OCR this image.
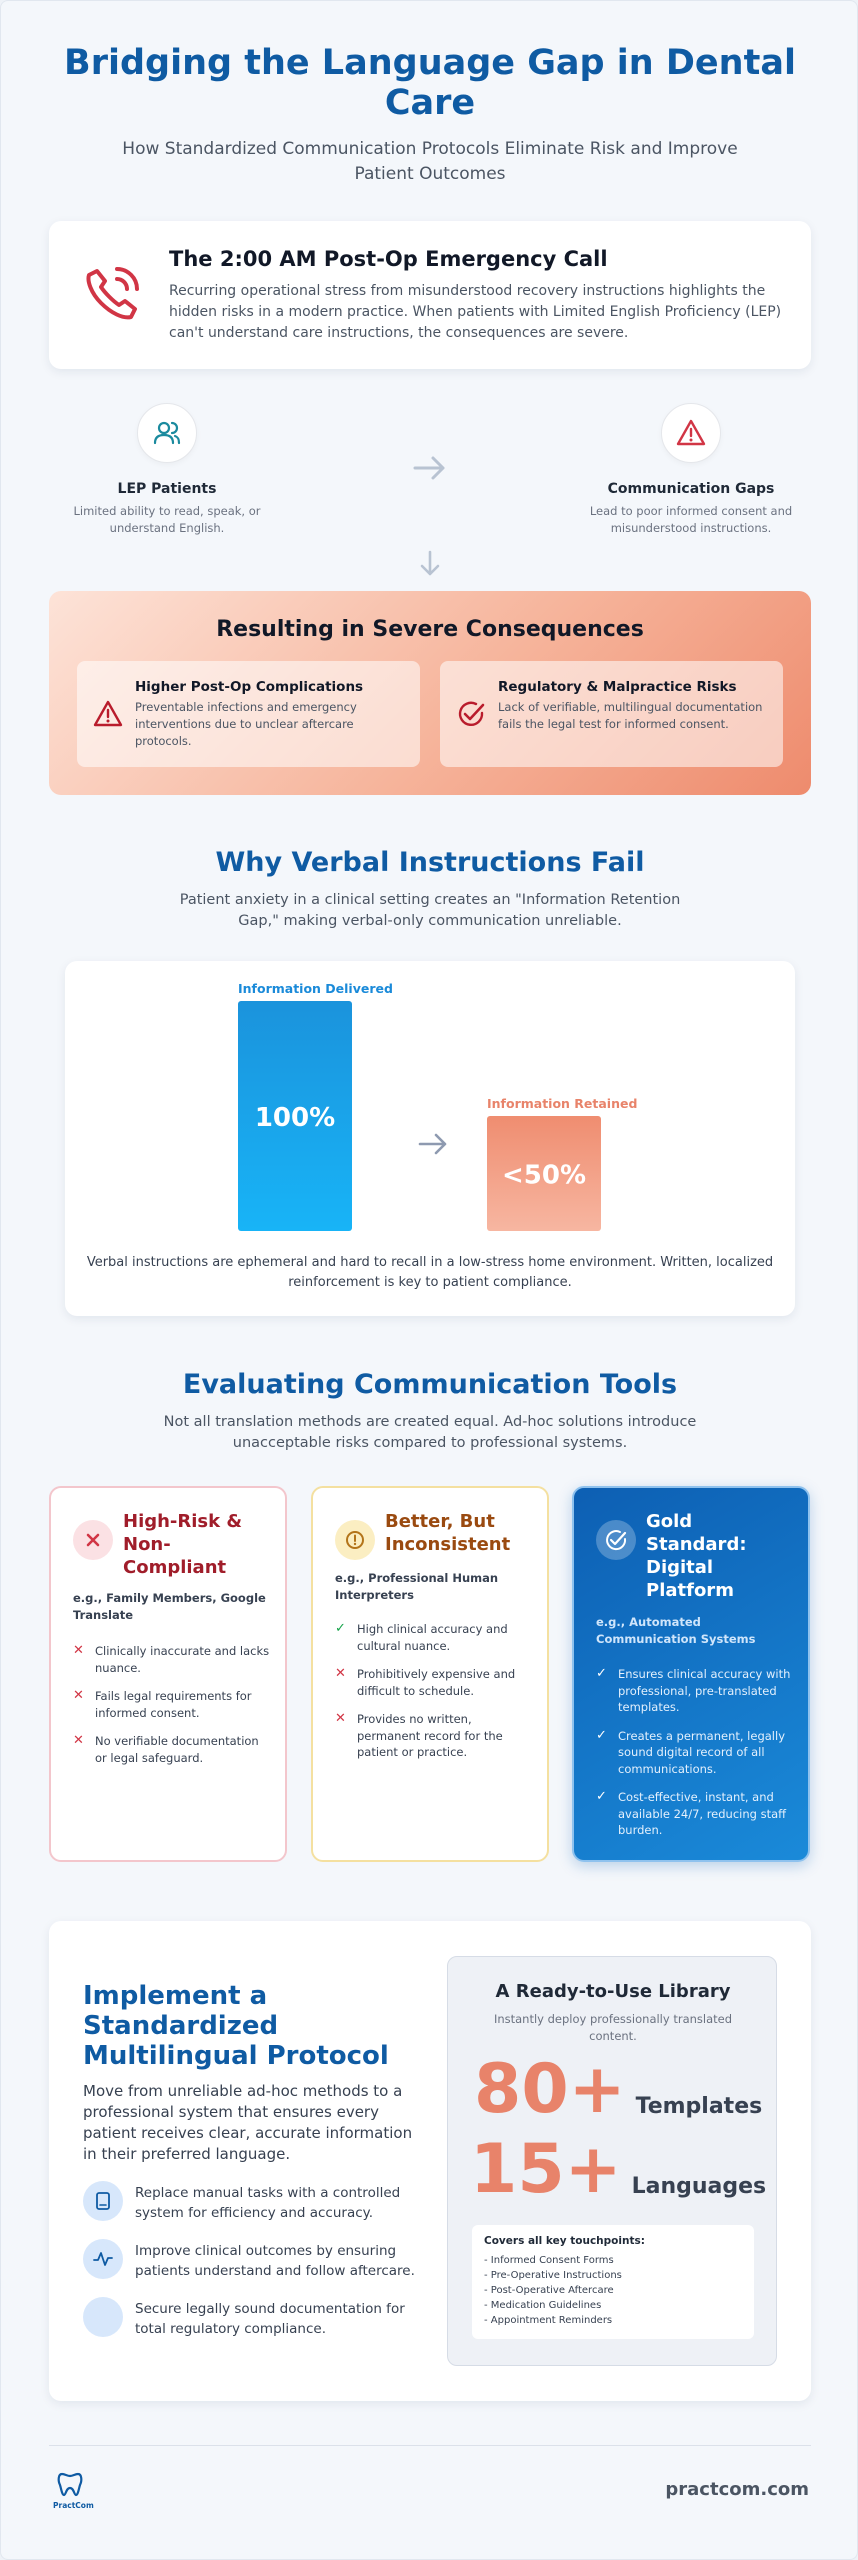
Bridging the Language Gap in Dental Care

How Standardized Communication Protocols Eliminate Risk and Improve Patient Outcomes

The 2:00 AM Post-Op Emergency Call

Recurring operational stress from misunderstood recovery instructions highlights the hidden risks in a modern practice. When patients with Limited English Proficiency (LEP) can't understand care instructions, the consequences are severe.

LEP Patients

Limited ability to read, speak, or understand English.

Communication Gaps

Lead to poor informed consent and misunderstood instructions.

Resulting in Severe Consequences
Higher Post-Op Complications

Preventable infections and emergency interventions due to unclear aftercare protocols.

Regulatory & Malpractice Risks

Lack of verifiable, multilingual documentation fails the legal test for informed consent.

Why Verbal Instructions Fail

Patient anxiety in a clinical setting creates an "Information Retention Gap," making verbal-only communication unreliable.

Information Delivered
100%	Information Retained
<50%

Verbal instructions are ephemeral and hard to recall in a low-stress home environment. Written, localized reinforcement is key to patient compliance.

Evaluating Communication Tools

Not all translation methods are created equal. Ad-hoc solutions introduce unacceptable risks compared to professional systems.

High-Risk & Non-Compliant
e.g., Family Members, Google Translate
✕ Clinically inaccurate and lacks nuance.
✕ Fails legal requirements for informed consent.
✕ No verifiable documentation or legal safeguard.
Better, But Inconsistent
e.g., Professional Human Interpreters
✓ High clinical accuracy and cultural nuance.
✕ Prohibitively expensive and difficult to schedule.
✕ Provides no written, permanent record for the patient or practice.
Gold Standard: Digital Platform
e.g., Automated Communication Systems
✓ Ensures clinical accuracy with professional, pre-translated templates.
✓ Creates a permanent, legally sound digital record of all communications.
✓ Cost-effective, instant, and available 24/7, reducing staff burden.
Implement a Standardized Multilingual Protocol

Move from unreliable ad-hoc methods to a professional system that ensures every patient receives clear, accurate information in their preferred language.

Replace manual tasks with a controlled system for efficiency and accuracy.

Improve clinical outcomes by ensuring patients understand and follow aftercare.

Secure legally sound documentation for total regulatory compliance.

A Ready-to-Use Library

Instantly deploy professionally translated content.

80+ Templates
15+ Languages
Covers all key touchpoints:
- Informed Consent Forms
- Pre-Operative Instructions
- Post-Operative Aftercare
- Medication Guidelines
- Appointment Reminders
PractCom
practcom.com
